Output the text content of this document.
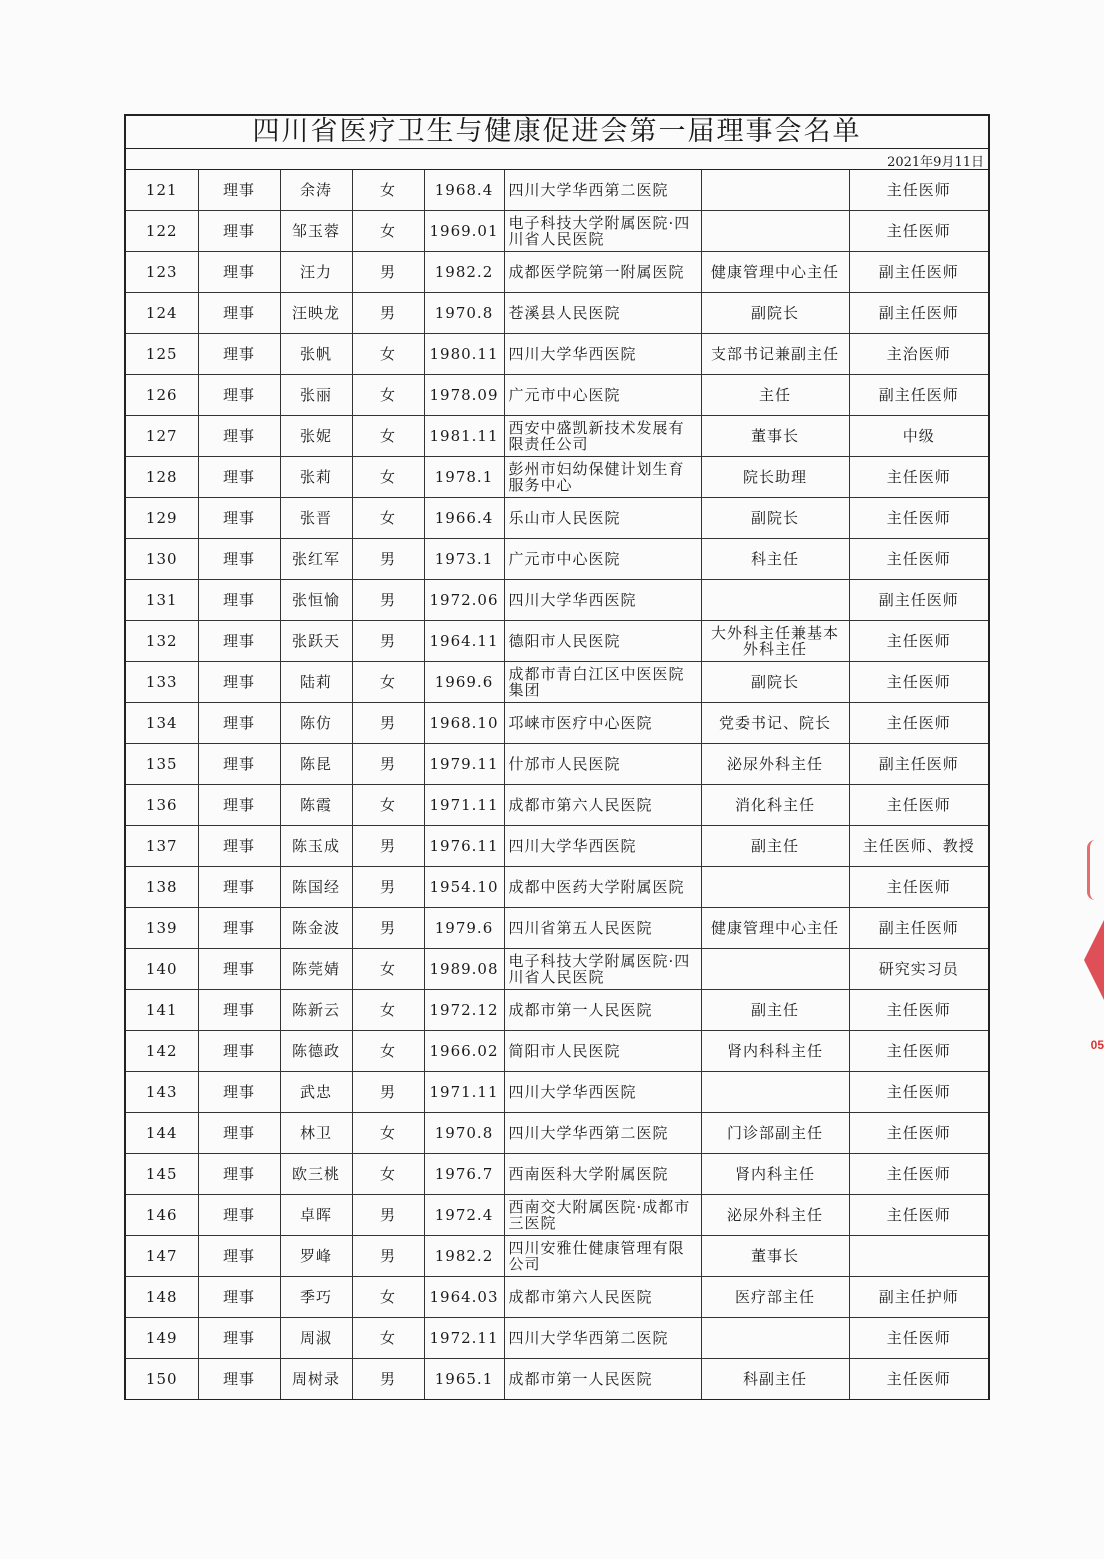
四川省医疗卫生与健康促进会第一届理事会名单
2021年9月11日
121	理事	余涛	女	1968.4	四川大学华西第二医院		主任医师
122	理事	邹玉蓉	女	1969.01	电子科技大学附属医院·四川省人民医院		主任医师
123	理事	汪力	男	1982.2	成都医学院第一附属医院	健康管理中心主任	副主任医师
124	理事	汪映龙	男	1970.8	苍溪县人民医院	副院长	副主任医师
125	理事	张帆	女	1980.11	四川大学华西医院	支部书记兼副主任	主治医师
126	理事	张丽	女	1978.09	广元市中心医院	主任	副主任医师
127	理事	张妮	女	1981.11	西安中盛凯新技术发展有限责任公司	董事长	中级
128	理事	张莉	女	1978.1	彭州市妇幼保健计划生育服务中心	院长助理	主任医师
129	理事	张晋	女	1966.4	乐山市人民医院	副院长	主任医师
130	理事	张红军	男	1973.1	广元市中心医院	科主任	主任医师
131	理事	张恒愉	男	1972.06	四川大学华西医院		副主任医师
132	理事	张跃天	男	1964.11	德阳市人民医院	大外科主任兼基本外科主任	主任医师
133	理事	陆莉	女	1969.6	成都市青白江区中医医院集团	副院长	主任医师
134	理事	陈仿	男	1968.10	邛崃市医疗中心医院	党委书记、院长	主任医师
135	理事	陈昆	男	1979.11	什邡市人民医院	泌尿外科主任	副主任医师
136	理事	陈霞	女	1971.11	成都市第六人民医院	消化科主任	主任医师
137	理事	陈玉成	男	1976.11	四川大学华西医院	副主任	主任医师、教授
138	理事	陈国经	男	1954.10	成都中医药大学附属医院		主任医师
139	理事	陈金波	男	1979.6	四川省第五人民医院	健康管理中心主任	副主任医师
140	理事	陈莞婧	女	1989.08	电子科技大学附属医院·四川省人民医院		研究实习员
141	理事	陈新云	女	1972.12	成都市第一人民医院	副主任	主任医师
142	理事	陈德政	女	1966.02	简阳市人民医院	肾内科科主任	主任医师
143	理事	武忠	男	1971.11	四川大学华西医院		主任医师
144	理事	林卫	女	1970.8	四川大学华西第二医院	门诊部副主任	主任医师
145	理事	欧三桃	女	1976.7	西南医科大学附属医院	肾内科主任	主任医师
146	理事	卓晖	男	1972.4	西南交大附属医院·成都市三医院	泌尿外科主任	主任医师
147	理事	罗峰	男	1982.2	四川安雅仕健康管理有限公司	董事长	
148	理事	季巧	女	1964.03	成都市第六人民医院	医疗部主任	副主任护师
149	理事	周淑	女	1972.11	四川大学华西第二医院		主任医师
150	理事	周树录	男	1965.1	成都市第一人民医院	科副主任	主任医师
05
